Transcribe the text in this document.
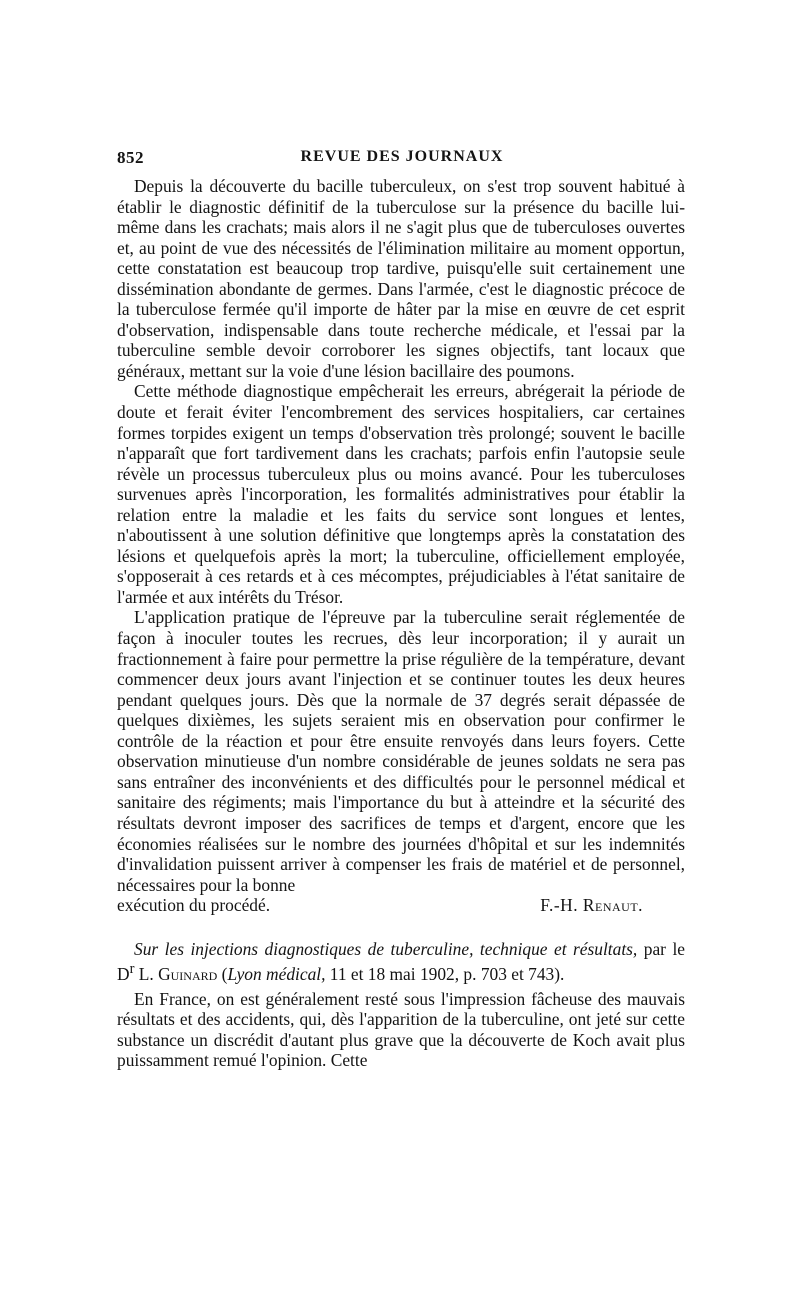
852	REVUE DES JOURNAUX

Depuis la découverte du bacille tuberculeux, on s'est trop souvent habitué à établir le diagnostic définitif de la tuberculose sur la présence du bacille lui-même dans les crachats; mais alors il ne s'agit plus que de tuberculoses ouvertes et, au point de vue des nécessités de l'élimination militaire au moment opportun, cette constatation est beaucoup trop tardive, puisqu'elle suit certainement une dissémination abondante de germes. Dans l'armée, c'est le diagnostic précoce de la tuberculose fermée qu'il importe de hâter par la mise en œuvre de cet esprit d'observation, indispensable dans toute recherche médicale, et l'essai par la tuberculine semble devoir corroborer les signes objectifs, tant locaux que généraux, mettant sur la voie d'une lésion bacillaire des poumons.

Cette méthode diagnostique empêcherait les erreurs, abrégerait la période de doute et ferait éviter l'encombrement des services hospitaliers, car certaines formes torpides exigent un temps d'observation très prolongé; souvent le bacille n'apparaît que fort tardivement dans les crachats; parfois enfin l'autopsie seule révèle un processus tuberculeux plus ou moins avancé. Pour les tuberculoses survenues après l'incorporation, les formalités administratives pour établir la relation entre la maladie et les faits du service sont longues et lentes, n'aboutissent à une solution définitive que longtemps après la constatation des lésions et quelquefois après la mort; la tuberculine, officiellement employée, s'opposerait à ces retards et à ces mécomptes, préjudiciables à l'état sanitaire de l'armée et aux intérêts du Trésor.

L'application pratique de l'épreuve par la tuberculine serait réglementée de façon à inoculer toutes les recrues, dès leur incorporation; il y aurait un fractionnement à faire pour permettre la prise régulière de la température, devant commencer deux jours avant l'injection et se continuer toutes les deux heures pendant quelques jours. Dès que la normale de 37 degrés serait dépassée de quelques dixièmes, les sujets seraient mis en observation pour confirmer le contrôle de la réaction et pour être ensuite renvoyés dans leurs foyers. Cette observation minutieuse d'un nombre considérable de jeunes soldats ne sera pas sans entraîner des inconvénients et des difficultés pour le personnel médical et sanitaire des régiments; mais l'importance du but à atteindre et la sécurité des résultats devront imposer des sacrifices de temps et d'argent, encore que les économies réalisées sur le nombre des journées d'hôpital et sur les indemnités d'invalidation puissent arriver à compenser les frais de matériel et de personnel, nécessaires pour la bonne

exécution du procédé.	F.-H. Renaut.

Sur les injections diagnostiques de tuberculine, technique et résultats, par le $D^r$ L. Guinard (Lyon médical, 11 et 18 mai 1902, p. 703 et 743).

En France, on est généralement resté sous l'impression fâcheuse des mauvais résultats et des accidents, qui, dès l'apparition de la tuberculine, ont jeté sur cette substance un discrédit d'autant plus grave que la découverte de Koch avait plus puissamment remué l'opinion. Cette
